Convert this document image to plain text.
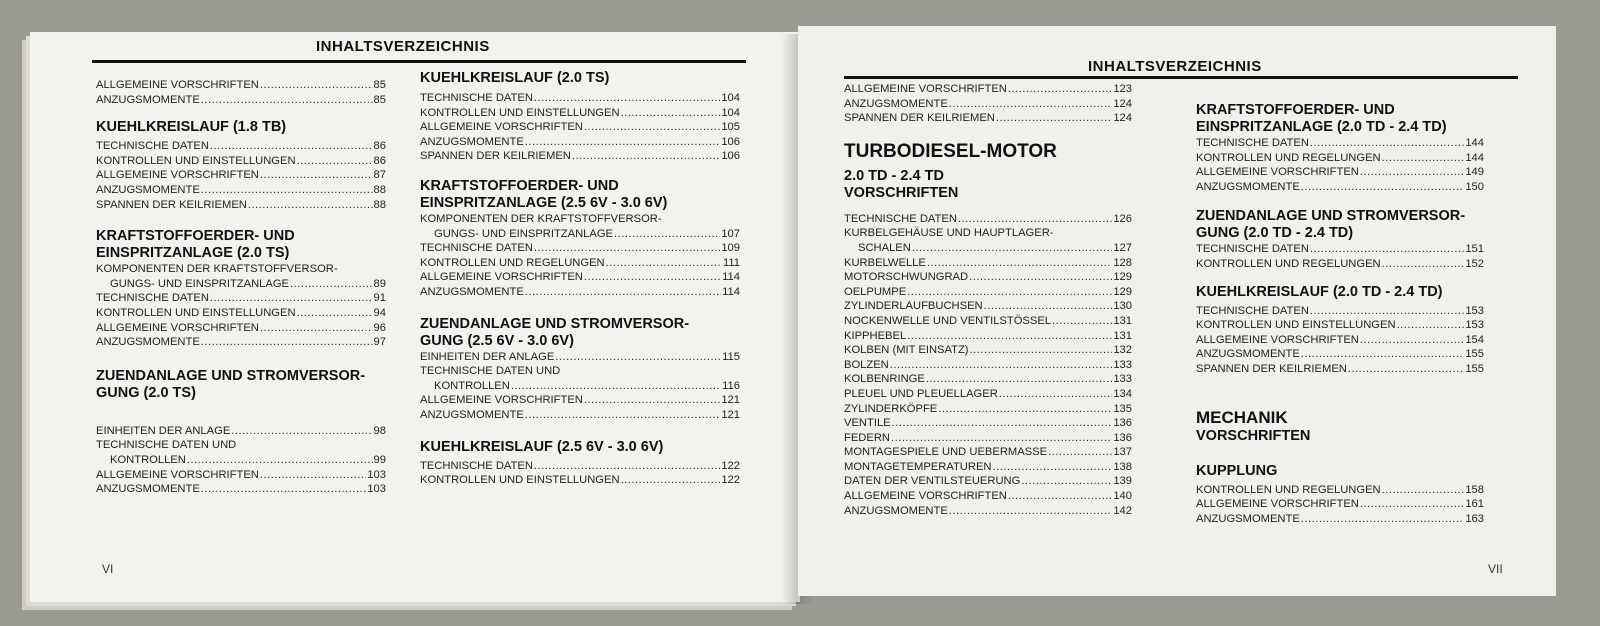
INHALTSVERZEICHNIS
ALLGEMEINE VORSCHRIFTEN .....	85
ANZUGSMOMENTE .....	85
KUEHLKREISLAUF (1.8 TB)
TECHNISCHE DATEN .....	86
KONTROLLEN UND EINSTELLUNGEN .....	86
ALLGEMEINE VORSCHRIFTEN .....	87
ANZUGSMOMENTE .....	88
SPANNEN DER KEILRIEMEN .....	88
KRAFTSTOFFOERDER- UND
EINSPRITZANLAGE (2.0 TS)
KOMPONENTEN DER KRAFTSTOFFVERSOR-
GUNGS- UND EINSPRITZANLAGE .....	89
TECHNISCHE DATEN .....	91
KONTROLLEN UND EINSTELLUNGEN .....	94
ALLGEMEINE VORSCHRIFTEN .....	96
ANZUGSMOMENTE .....	97
ZUENDANLAGE UND STROMVERSOR-
GUNG (2.0 TS)
EINHEITEN DER ANLAGE .....	98
TECHNISCHE DATEN UND
KONTROLLEN .....	99
ALLGEMEINE VORSCHRIFTEN .....	103
ANZUGSMOMENTE .....	103
KUEHLKREISLAUF (2.0 TS)
TECHNISCHE DATEN .....	104
KONTROLLEN UND EINSTELLUNGEN .....	104
ALLGEMEINE VORSCHRIFTEN .....	105
ANZUGSMOMENTE .....	106
SPANNEN DER KEILRIEMEN .....	106
KRAFTSTOFFOERDER- UND
EINSPRITZANLAGE (2.5 6V - 3.0 6V)
KOMPONENTEN DER KRAFTSTOFFVERSOR-
GUNGS- UND EINSPRITZANLAGE .....	107
TECHNISCHE DATEN .....	109
KONTROLLEN UND REGELUNGEN .....	111
ALLGEMEINE VORSCHRIFTEN .....	114
ANZUGSMOMENTE .....	114
ZUENDANLAGE UND STROMVERSOR-
GUNG (2.5 6V - 3.0 6V)
EINHEITEN DER ANLAGE .....	115
TECHNISCHE DATEN UND
KONTROLLEN .....	116
ALLGEMEINE VORSCHRIFTEN .....	121
ANZUGSMOMENTE .....	121
KUEHLKREISLAUF (2.5 6V - 3.0 6V)
TECHNISCHE DATEN .....	122
KONTROLLEN UND EINSTELLUNGEN .....	122
VI
INHALTSVERZEICHNIS
ALLGEMEINE VORSCHRIFTEN .....	123
ANZUGSMOMENTE .....	124
SPANNEN DER KEILRIEMEN .....	124
TURBODIESEL-MOTOR
2.0 TD - 2.4 TD
VORSCHRIFTEN
TECHNISCHE DATEN .....	126
KURBELGEHÄUSE UND HAUPTLAGER-
SCHALEN .....	127
KURBELWELLE .....	128
MOTORSCHWUNGRAD .....	129
OELPUMPE .....	129
ZYLINDERLAUFBUCHSEN .....	130
NOCKENWELLE UND VENTILSTÖSSEL .....	131
KIPPHEBEL .....	131
KOLBEN (MIT EINSATZ) .....	132
BOLZEN .....	133
KOLBENRINGE .....	133
PLEUEL UND PLEUELLAGER .....	134
ZYLINDERKÖPFE .....	135
VENTILE .....	136
FEDERN .....	136
MONTAGESPIELE UND UEBERMASSE .....	137
MONTAGETEMPERATUREN .....	138
DATEN DER VENTILSTEUERUNG .....	139
ALLGEMEINE VORSCHRIFTEN .....	140
ANZUGSMOMENTE .....	142
KRAFTSTOFFOERDER- UND
EINSPRITZANLAGE (2.0 TD - 2.4 TD)
TECHNISCHE DATEN .....	144
KONTROLLEN UND REGELUNGEN .....	144
ALLGEMEINE VORSCHRIFTEN .....	149
ANZUGSMOMENTE .....	150
ZUENDANLAGE UND STROMVERSOR-
GUNG (2.0 TD - 2.4 TD)
TECHNISCHE DATEN .....	151
KONTROLLEN UND REGELUNGEN .....	152
KUEHLKREISLAUF (2.0 TD - 2.4 TD)
TECHNISCHE DATEN .....	153
KONTROLLEN UND EINSTELLUNGEN .....	153
ALLGEMEINE VORSCHRIFTEN .....	154
ANZUGSMOMENTE .....	155
SPANNEN DER KEILRIEMEN .....	155
MECHANIK
VORSCHRIFTEN
KUPPLUNG
KONTROLLEN UND REGELUNGEN .....	158
ALLGEMEINE VORSCHRIFTEN .....	161
ANZUGSMOMENTE .....	163
VII
